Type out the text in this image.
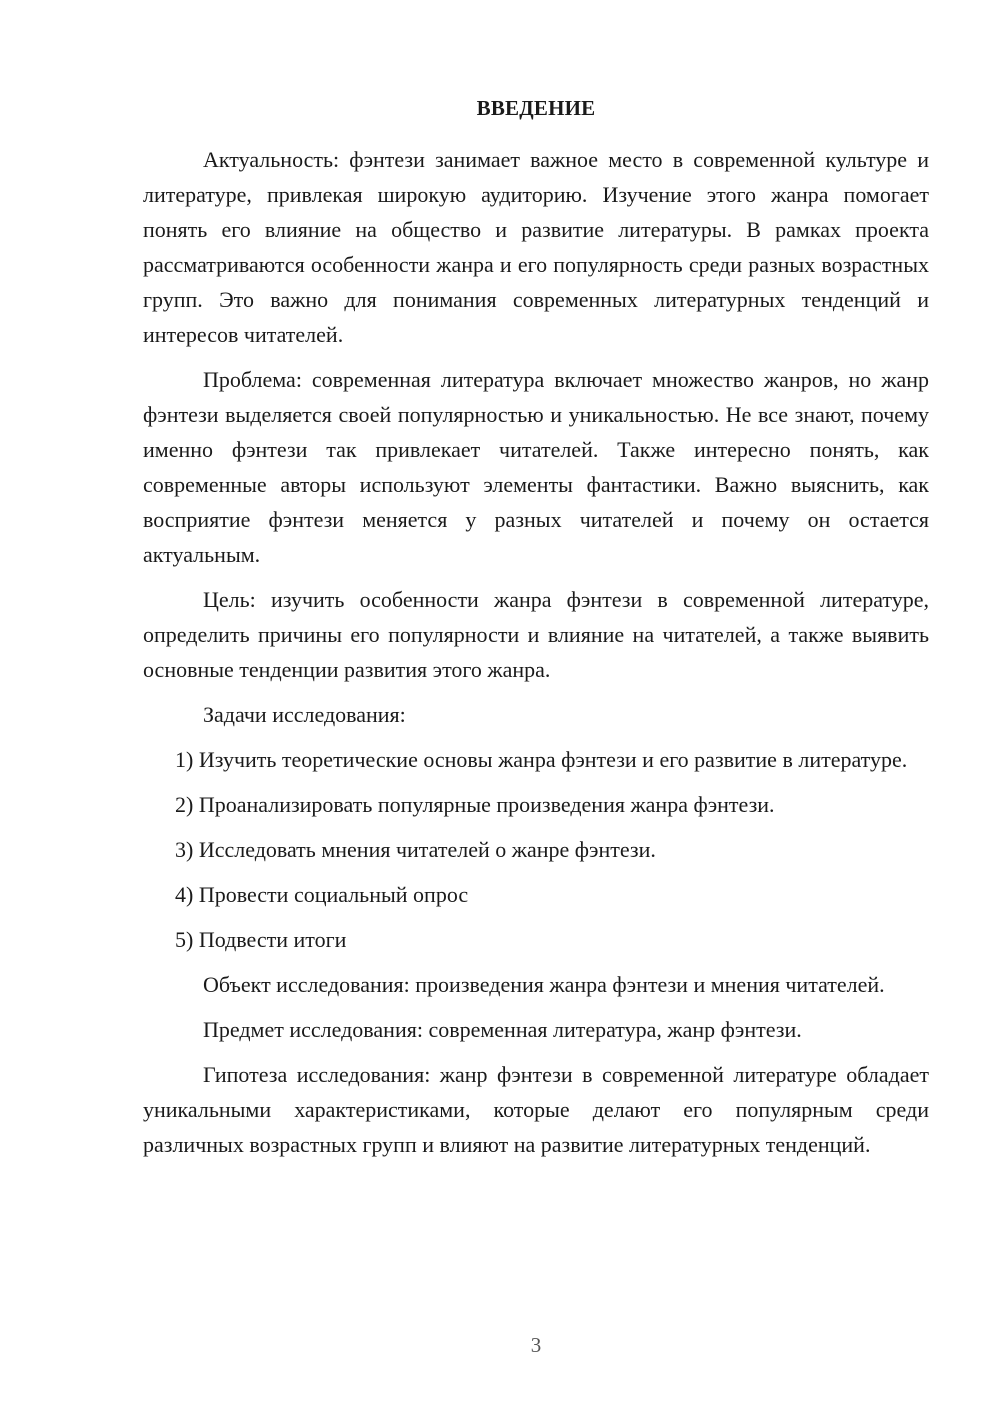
ВВЕДЕНИЕ

Актуальность: фэнтези занимает важное место в современной культуре и литературе, привлекая широкую аудиторию. Изучение этого жанра помогает понять его влияние на общество и развитие литературы. В рамках проекта рассматриваются особенности жанра и его популярность среди разных возрастных групп. Это важно для понимания современных литературных тенденций и интересов читателей.

Проблема: современная литература включает множество жанров, но жанр фэнтези выделяется своей популярностью и уникальностью. Не все знают, почему именно фэнтези так привлекает читателей. Также интересно понять, как современные авторы используют элементы фантастики. Важно выяснить, как восприятие фэнтези меняется у разных читателей и почему он остается актуальным.

Цель: изучить особенности жанра фэнтези в современной литературе, определить причины его популярности и влияние на читателей, а также выявить основные тенденции развития этого жанра.

Задачи исследования:

1) Изучить теоретические основы жанра фэнтези и его развитие в литературе.

2) Проанализировать популярные произведения жанра фэнтези.

3) Исследовать мнения читателей о жанре фэнтези.

4) Провести социальный опрос

5) Подвести итоги

Объект исследования: произведения жанра фэнтези и мнения читателей.

Предмет исследования: современная литература, жанр фэнтези.

Гипотеза исследования: жанр фэнтези в современной литературе обладает уникальными характеристиками, которые делают его популярным среди различных возрастных групп и влияют на развитие литературных тенденций.

3
